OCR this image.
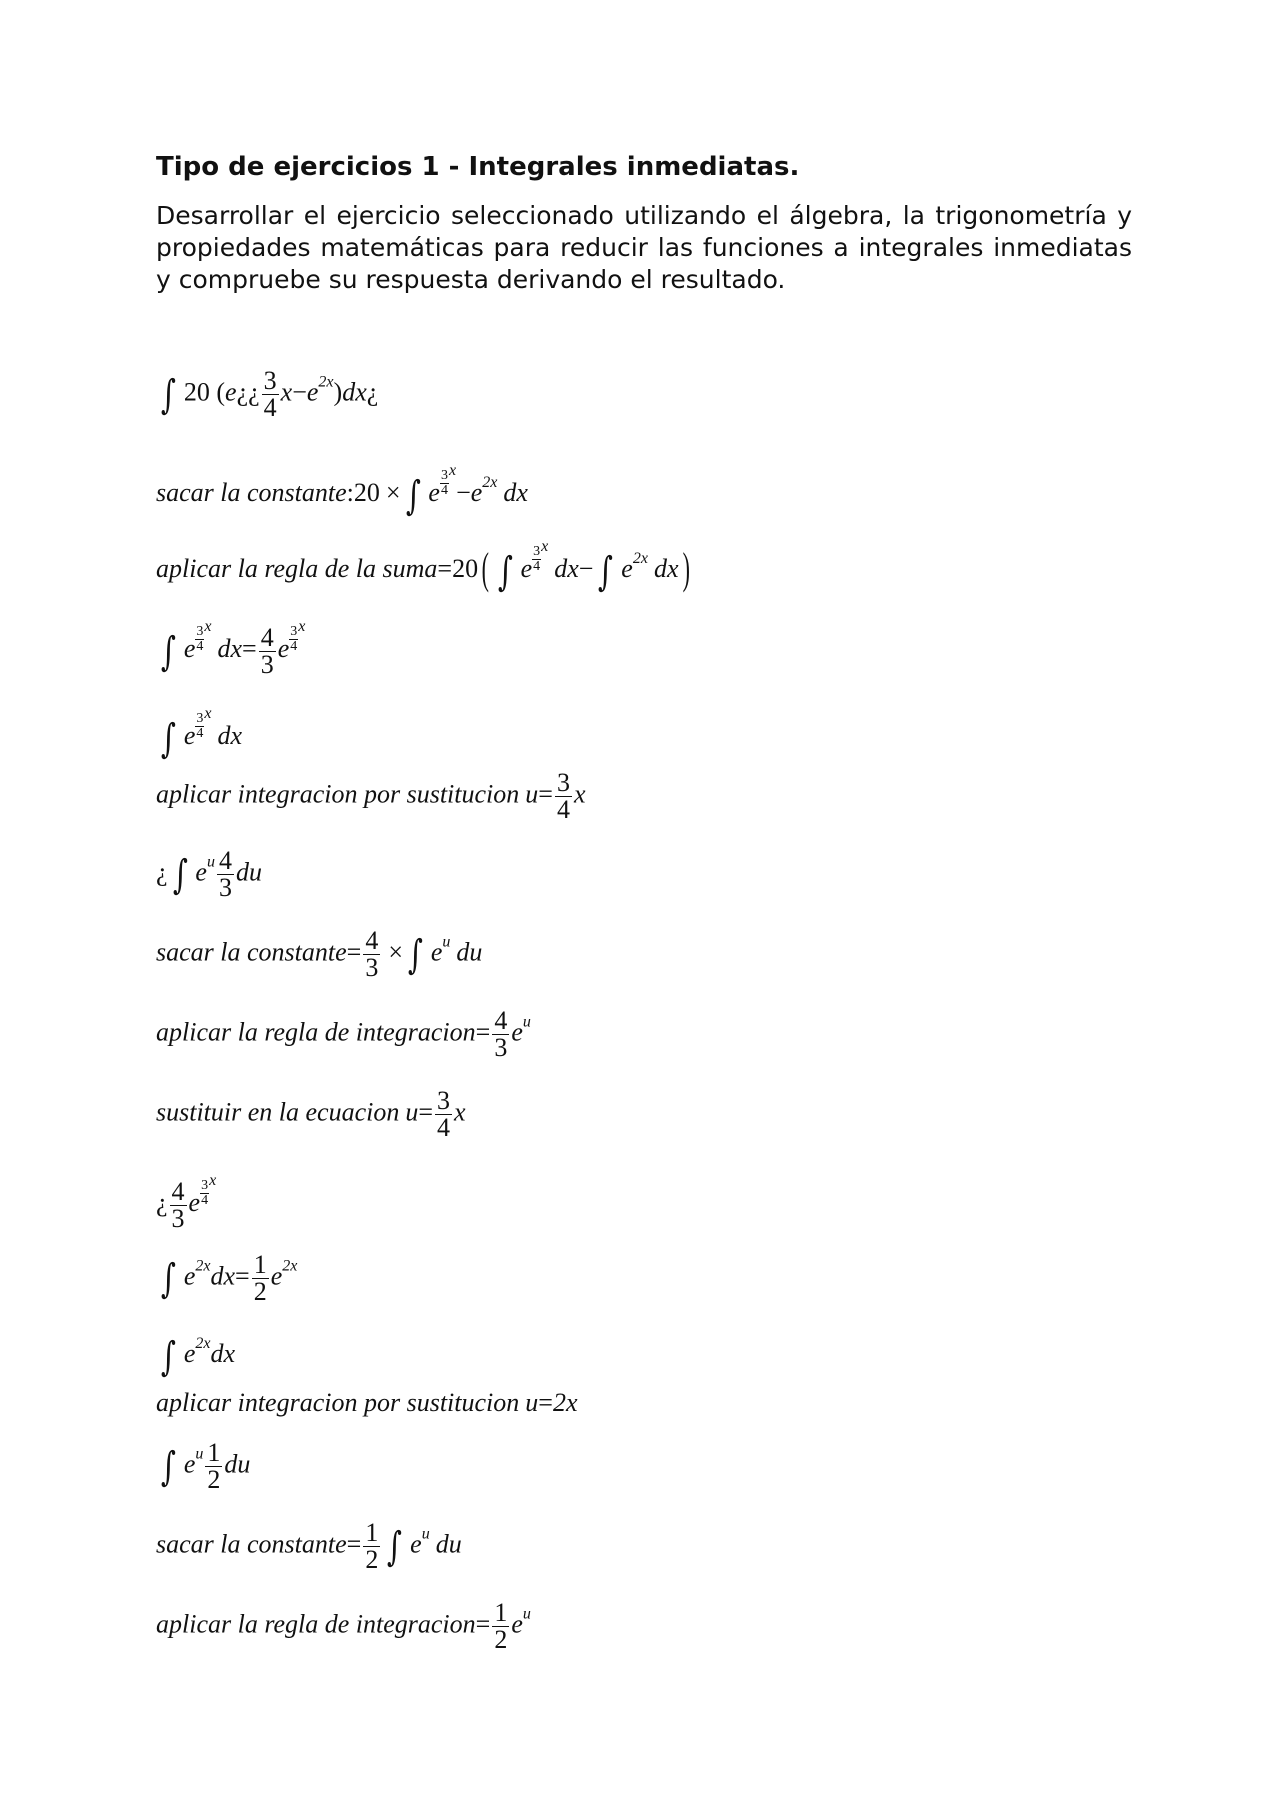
Tipo de ejercicios 1 - Integrales inmediatas.

Desarrollar el ejercicio seleccionado utilizando el álgebra, la trigonometría y propiedades matemáticas para reducir las funciones a integrales inmediatas y compruebe su respuesta derivando el resultado.

∫ 20 (e¿¿ $\frac{3}{4}$ $x-e^{2x})dx¿$
sacar la constante:20 × ∫ e $\frac{3}{4} ^x-e^{2x}$ dx
aplicar la regla de la suma=20( ∫ e $\frac{3}{4} ^xdx-$ ∫ $e^{2x}$ dx)
∫ e $\frac{3}{4} ^xdx= \frac{4}{3}$ e $\frac{3}{4} ^x$
∫ e $\frac{3}{4} ^xdx$
aplicar integracion por sustitucion $u= \frac{3}{4}$ x
¿ ∫ $e^u \frac{4}{3}$ du
sacar la constante= $\frac{4}{3}$ × ∫ $e^u$ du
aplicar la regla de integracion= $\frac{4}{3} e^u$
sustituir en la ecuacion $u= \frac{3}{4}$ x
¿ $\frac{4}{3}$ e $\frac{3}{4} ^x$
∫ $e^{2x}dx= \frac{1}{2} e^{2x}$
∫ $e^{2x}dx$
aplicar integracion por sustitucion u=2x
∫ $e^u \frac{1}{2}$ du
sacar la constante= $\frac{1}{2}$ ∫ $e^u$ du
aplicar la regla de integracion= $\frac{1}{2} e^u$
